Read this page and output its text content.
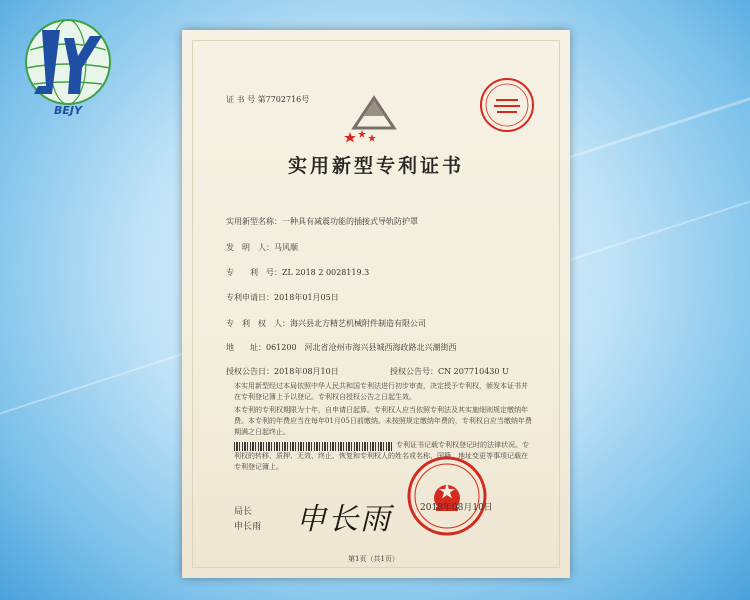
BEJY
证 书 号 第7702716号
实用新型专利证书
实用新型名称：一种具有减震功能的插接式导轨防护罩
发　明　人：马风顺
专　　利　号：ZL 2018 2 0028119.3
专利申请日：2018年01月05日
专　利　权　人：海兴县北方精艺机械附件制造有限公司
地　　址：061200　河北省沧州市海兴县城西海政路北兴潮街西
授权公告日：2018年08月10日	授权公告号：CN 207710430 U
本实用新型经过本局依照中华人民共和国专利法进行初步审查，决定授予专利权，颁发本证书并在专利登记簿上予以登记。专利权自授权公告之日起生效。
本专利的专利权期限为十年，自申请日起算。专利权人应当依照专利法及其实施细则规定缴纳年费。本专利的年费应当在每年01月05日前缴纳。未按照规定缴纳年费的，专利权自应当缴纳年费期满之日起终止。
专利证书记载专利权登记时的法律状况。专利权的转移、质押、无效、终止、恢复和专利权人的姓名或名称、国籍、地址变更等事项记载在专利登记簿上。
局长
申长雨 申长雨	2018年08月10日
第1页（共1页）
